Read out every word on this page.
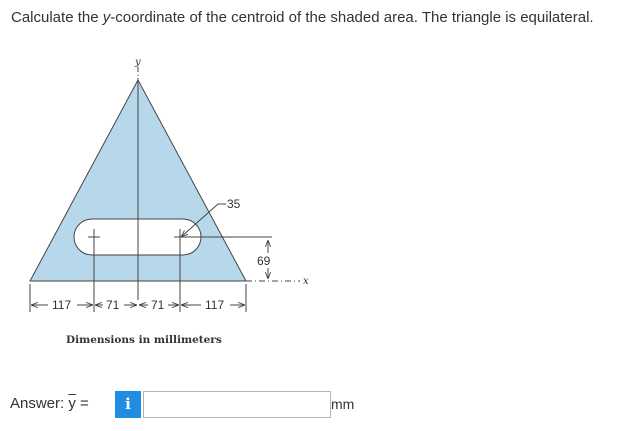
Calculate the y-coordinate of the centroid of the shaded area. The triangle is equilateral.
y
35
69
x
117	71	71	117
Dimensions in millimeters
Answer: $\overline{y}$ =	i	mm
